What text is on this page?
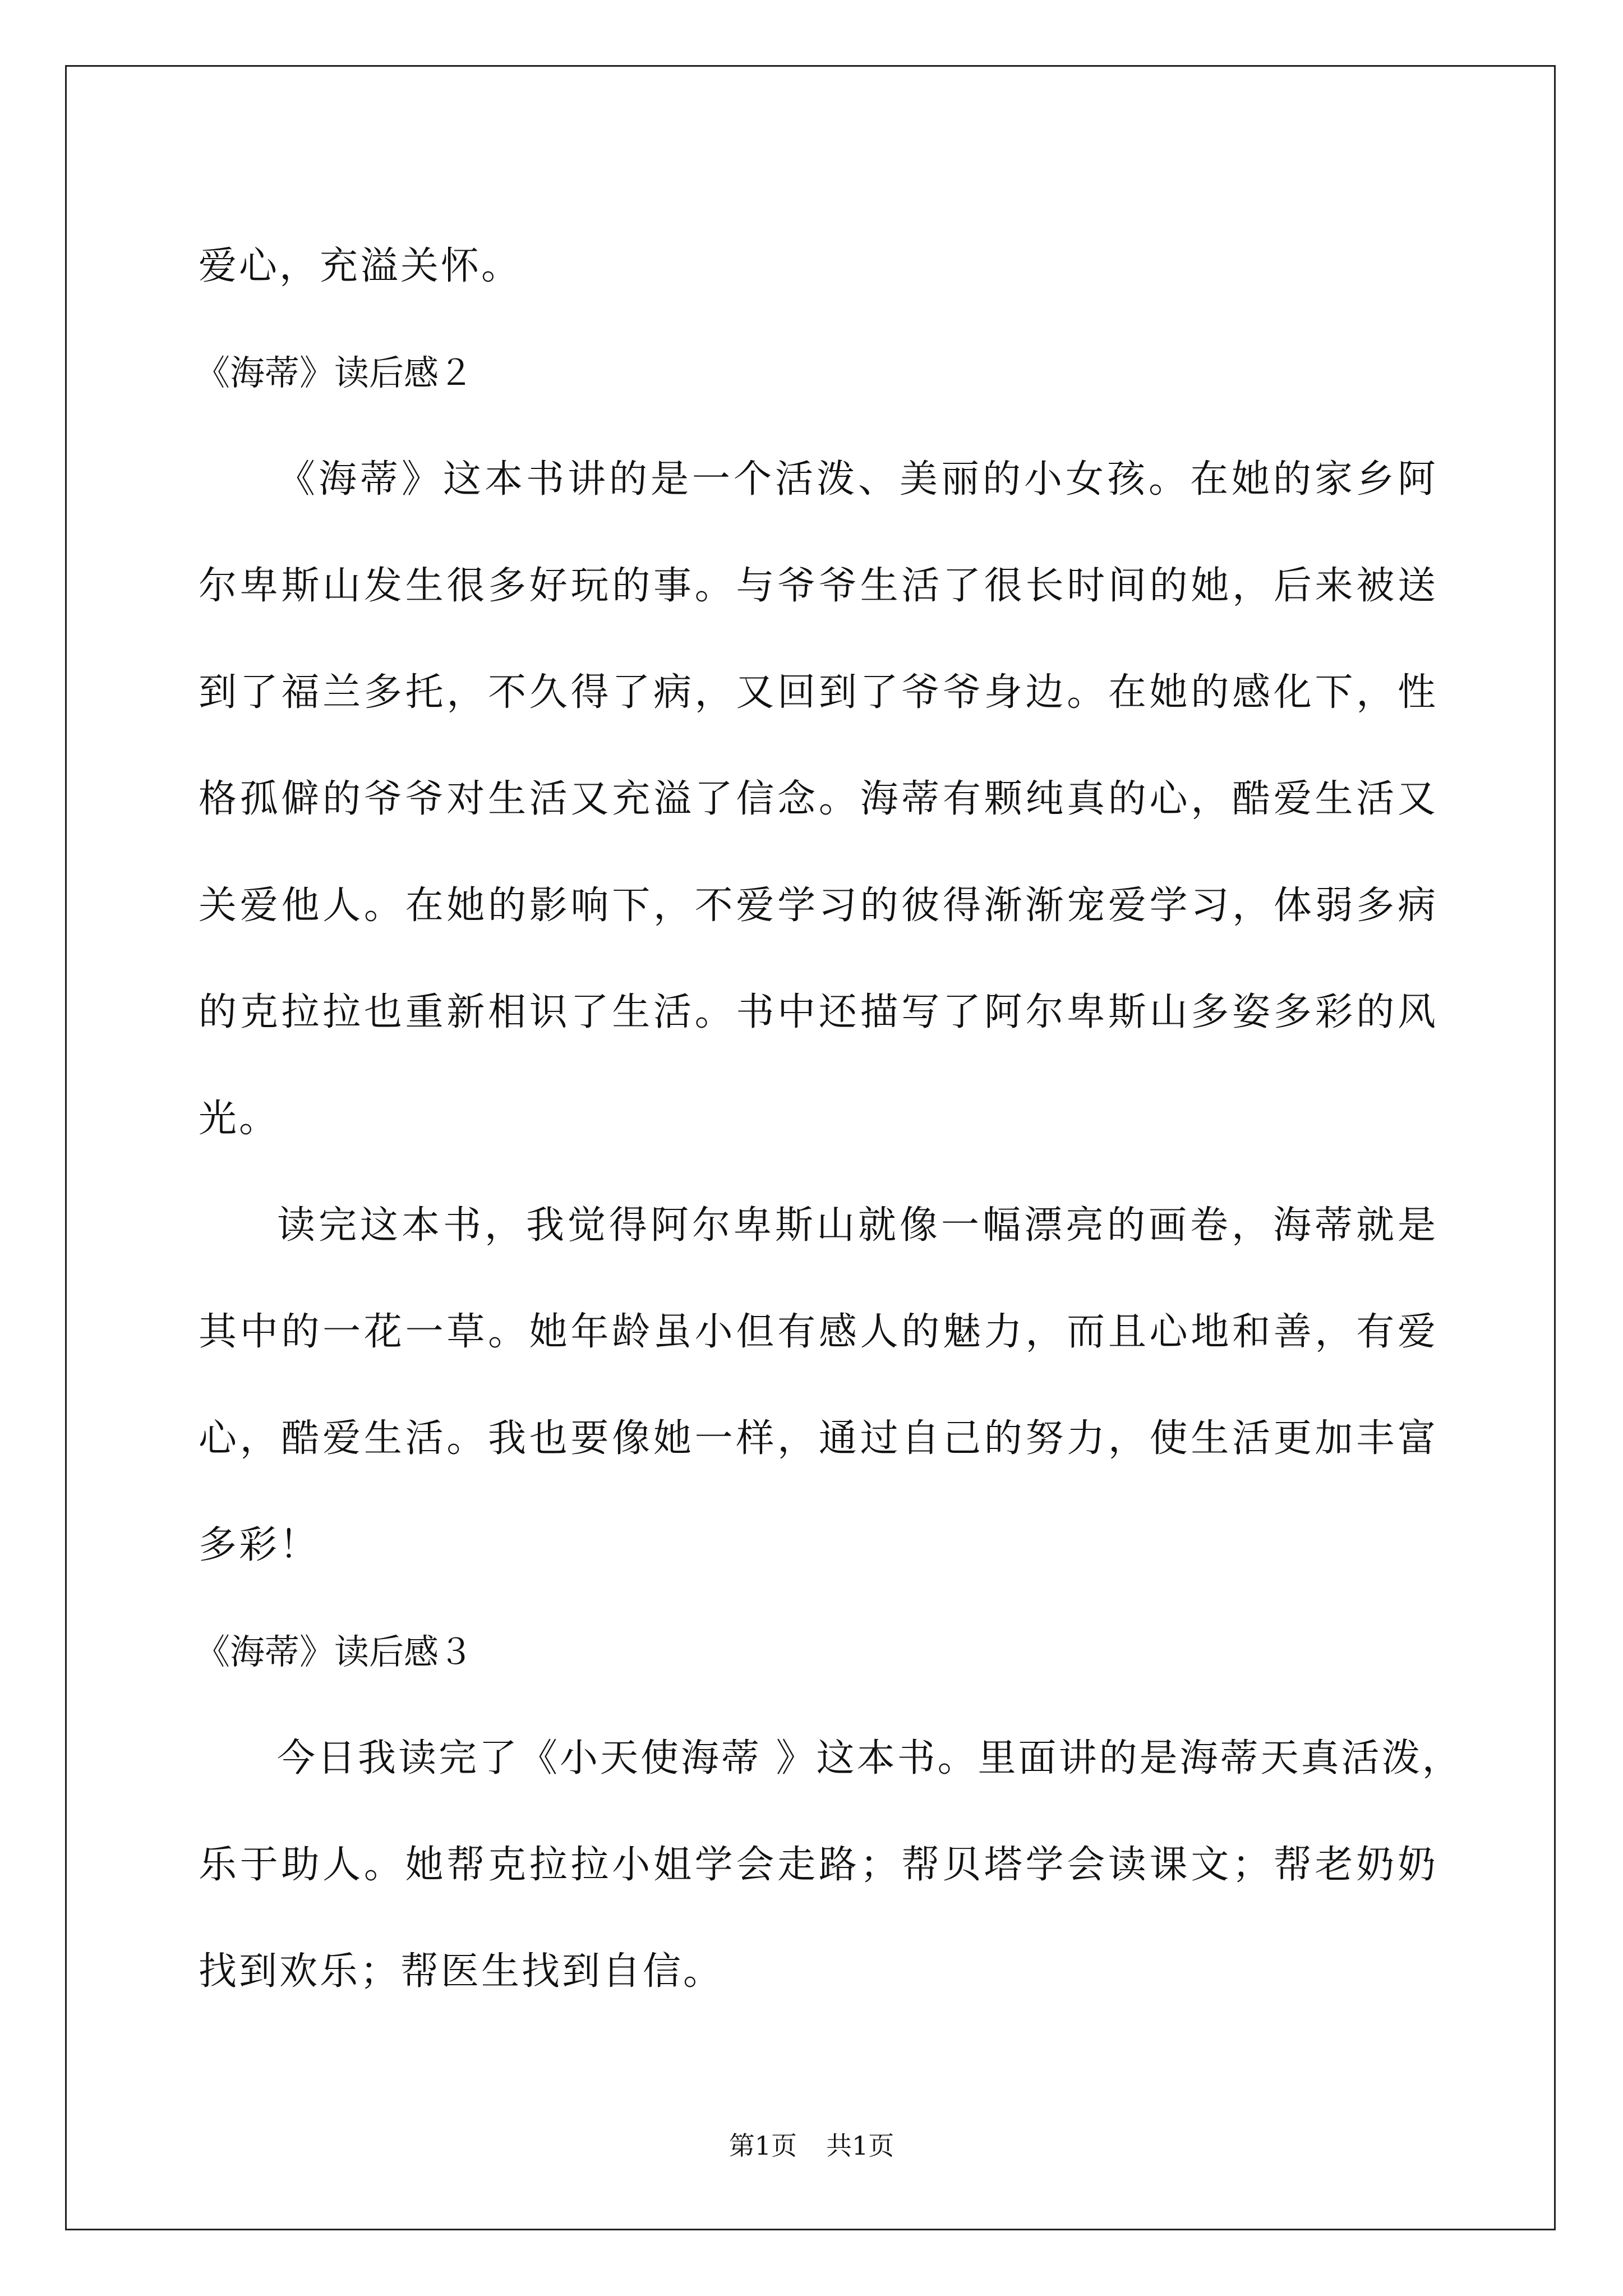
爱心，充溢关怀。
《海蒂》读后感２
《海蒂》这本书讲的是一个活泼、美丽的小女孩。在她的家乡阿
尔卑斯山发生很多好玩的事。与爷爷生活了很长时间的她，后来被送
到了福兰多托，不久得了病，又回到了爷爷身边。在她的感化下，性
格孤僻的爷爷对生活又充溢了信念。海蒂有颗纯真的心，酷爱生活又
关爱他人。在她的影响下，不爱学习的彼得渐渐宠爱学习，体弱多病
的克拉拉也重新相识了生活。书中还描写了阿尔卑斯山多姿多彩的风
光。
读完这本书，我觉得阿尔卑斯山就像一幅漂亮的画卷，海蒂就是
其中的一花一草。她年龄虽小但有感人的魅力，而且心地和善，有爱
心，酷爱生活。我也要像她一样，通过自己的努力，使生活更加丰富
多彩！
《海蒂》读后感３
今日我读完了《小天使海蒂 》这本书。里面讲的是海蒂天真活泼，
乐于助人。她帮克拉拉小姐学会走路；帮贝塔学会读课文；帮老奶奶
找到欢乐；帮医生找到自信。
第1页 共1页
